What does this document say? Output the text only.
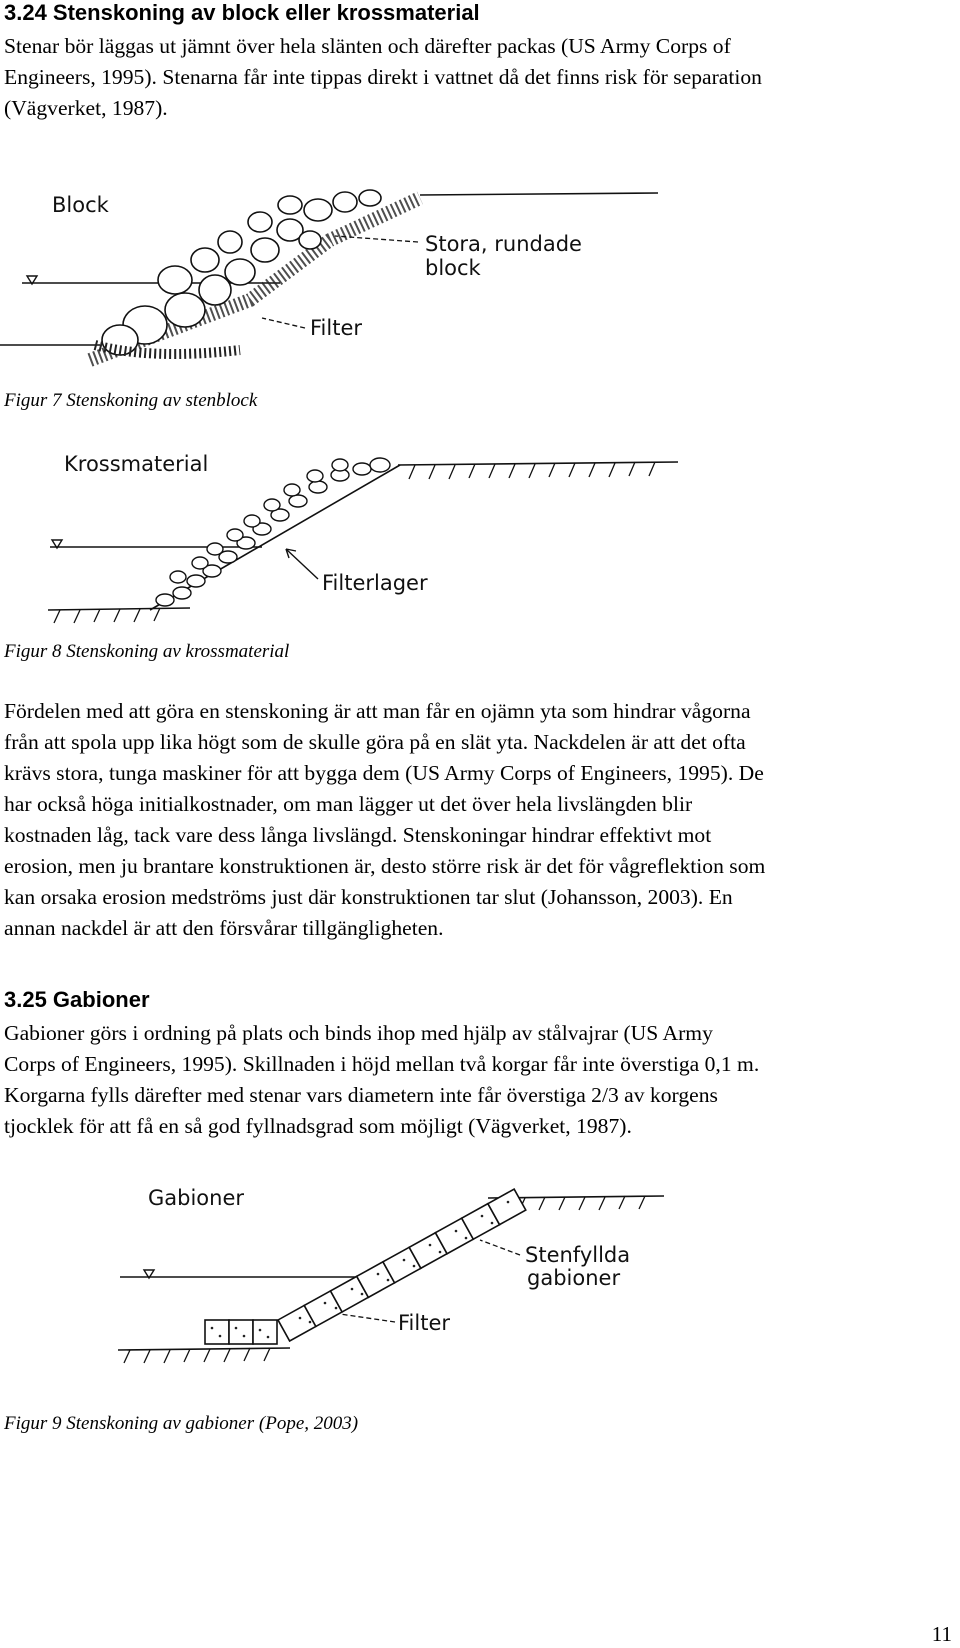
3.24 Stenskoning av block eller krossmaterial

Stenar bör läggas ut jämnt över hela slänten och därefter packas (US Army Corps of
Engineers, 1995). Stenarna får inte tippas direkt i vattnet då det finns risk för separation
(Vägverket, 1987).

Block
Stora, rundade
block
Filter

Figur 7 Stenskoning av stenblock

Krossmaterial
Filterlager

Figur 8 Stenskoning av krossmaterial

Fördelen med att göra en stenskoning är att man får en ojämn yta som hindrar vågorna
från att spola upp lika högt som de skulle göra på en slät yta. Nackdelen är att det ofta
krävs stora, tunga maskiner för att bygga dem (US Army Corps of Engineers, 1995). De
har också höga initialkostnader, om man lägger ut det över hela livslängden blir
kostnaden låg, tack vare dess långa livslängd. Stenskoningar hindrar effektivt mot
erosion, men ju brantare konstruktionen är, desto större risk är det för vågreflektion som
kan orsaka erosion medströms just där konstruktionen tar slut (Johansson, 2003). En
annan nackdel är att den försvårar tillgängligheten.

3.25 Gabioner

Gabioner görs i ordning på plats och binds ihop med hjälp av stålvajrar (US Army
Corps of Engineers, 1995). Skillnaden i höjd mellan två korgar får inte överstiga 0,1 m.
Korgarna fylls därefter med stenar vars diametern inte får överstiga 2/3 av korgens
tjocklek för att få en så god fyllnadsgrad som möjligt (Vägverket, 1987).

Gabioner
Stenfyllda
gabioner
Filter

Figur 9 Stenskoning av gabioner (Pope, 2003)

11
